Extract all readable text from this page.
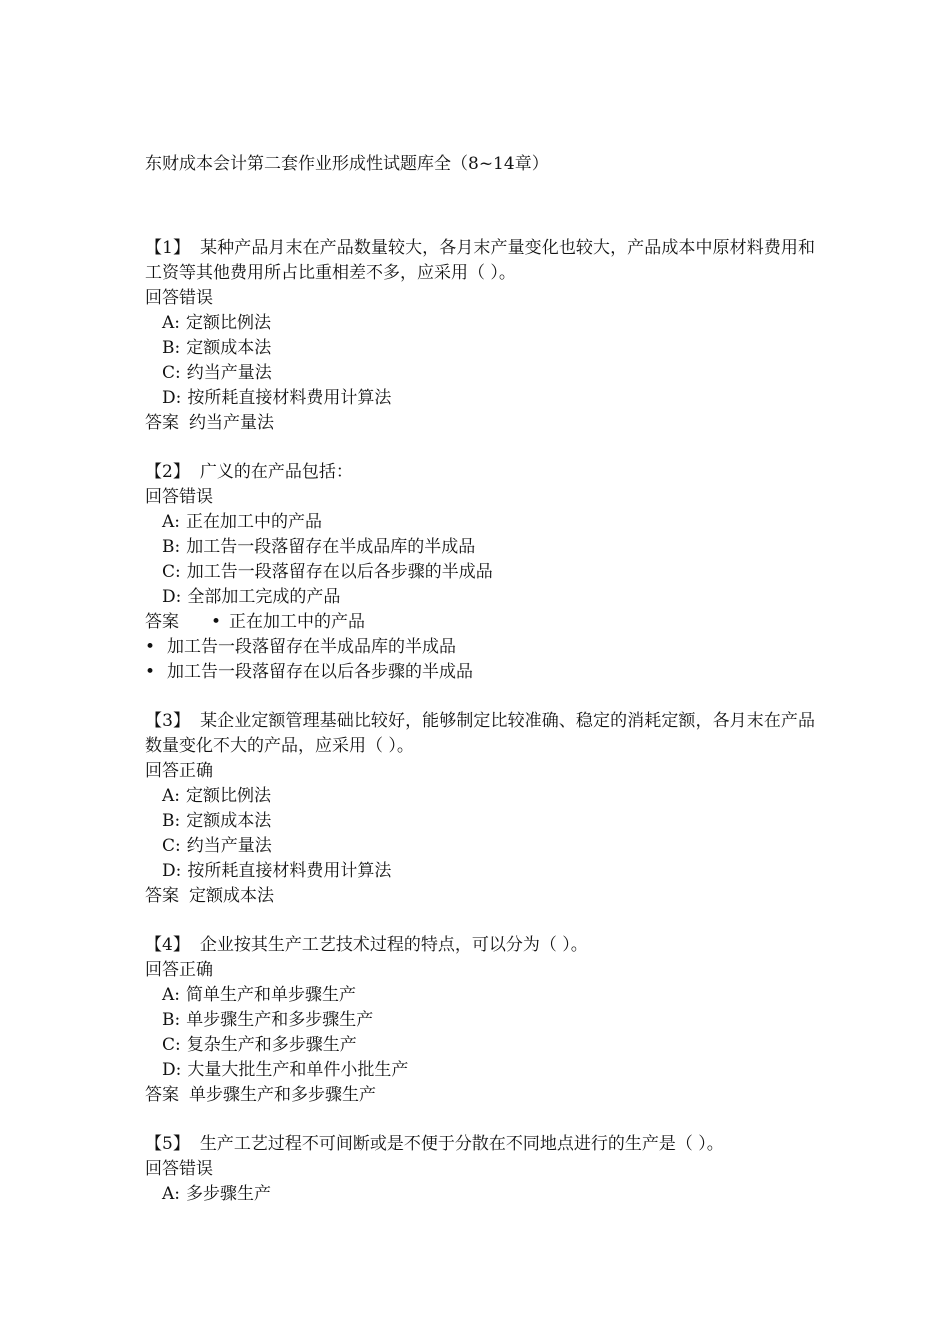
东财成本会计第二套作业形成性试题库全（8~14章）

【1】 某种产品月末在产品数量较大，各月末产量变化也较大，产品成本中原材料费用和工资等其他费用所占比重相差不多，应采用（ ）。

回答错误

A: 定额比例法
B: 定额成本法
C: 约当产量法
D: 按所耗直接材料费用计算法

答案 约当产量法

【2】 广义的在产品包括：

回答错误

A: 正在加工中的产品
B: 加工告一段落留存在半成品库的半成品
C: 加工告一段落留存在以后各步骤的半成品
D: 全部加工完成的产品
答案 • 正在加工中的产品
• 加工告一段落留存在半成品库的半成品
• 加工告一段落留存在以后各步骤的半成品

【3】 某企业定额管理基础比较好，能够制定比较准确、稳定的消耗定额，各月末在产品数量变化不大的产品，应采用（ ）。

回答正确

A: 定额比例法
B: 定额成本法
C: 约当产量法
D: 按所耗直接材料费用计算法

答案 定额成本法

【4】 企业按其生产工艺技术过程的特点，可以分为（ ）。

回答正确

A: 简单生产和单步骤生产
B: 单步骤生产和多步骤生产
C: 复杂生产和多步骤生产
D: 大量大批生产和单件小批生产

答案 单步骤生产和多步骤生产

【5】 生产工艺过程不可间断或是不便于分散在不同地点进行的生产是（ ）。

回答错误

A: 多步骤生产
